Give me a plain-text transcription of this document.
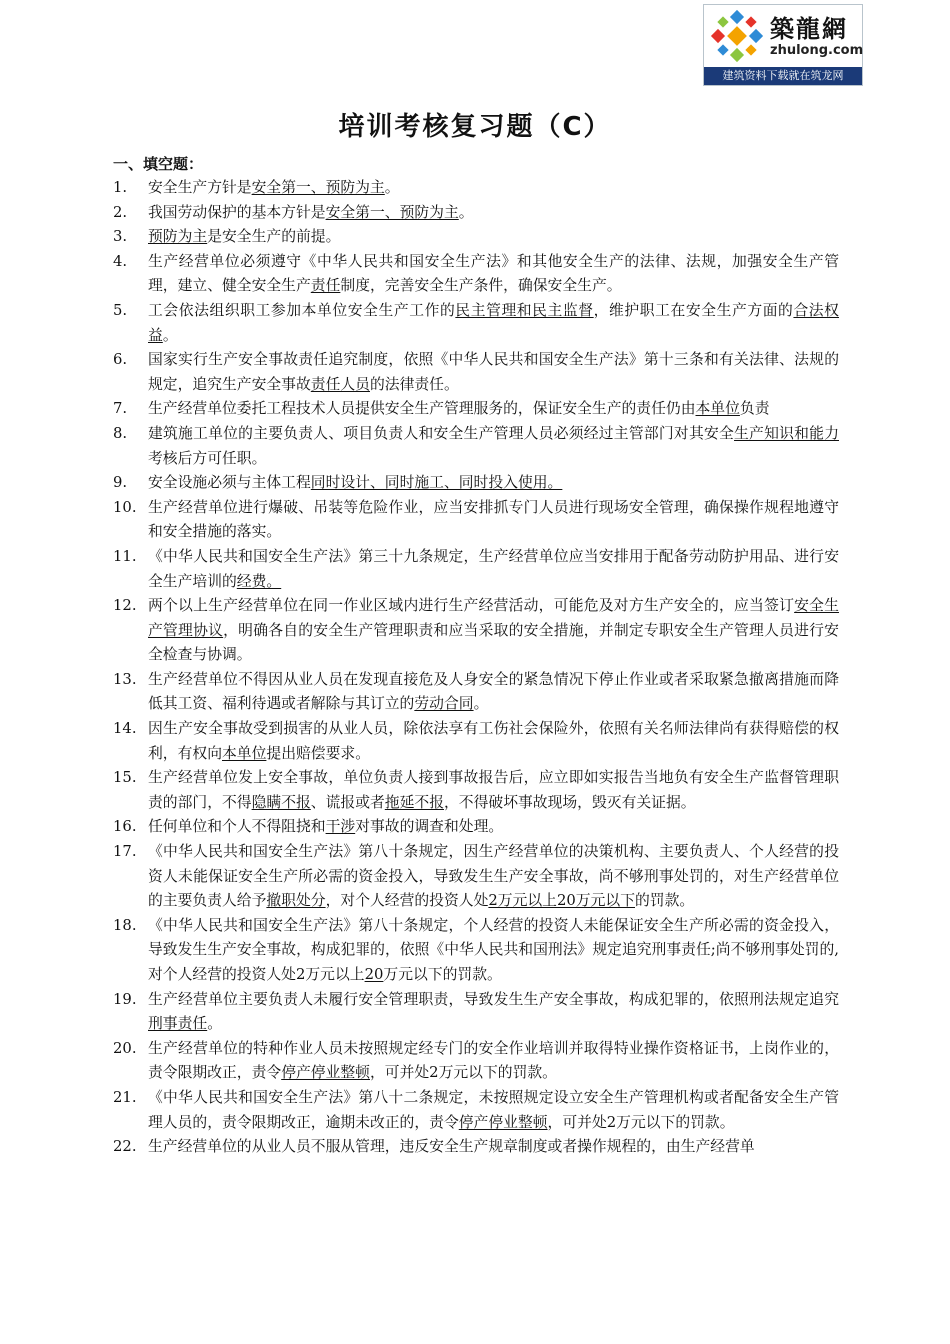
築龍網
zhulong.com
建筑资料下载就在筑龙网
培训考核复习题（C）
一、填空题：
1.	安全生产方针是安全第一、预防为主。
2.	我国劳动保护的基本方针是安全第一、预防为主。
3.	预防为主是安全生产的前提。
4.	生产经营单位必须遵守《中华人民共和国安全生产法》和其他安全生产的法律、法规，加强安全生产管理，建立、健全安全生产责任制度，完善安全生产条件，确保安全生产。
5.	工会依法组织职工参加本单位安全生产工作的民主管理和民主监督，维护职工在安全生产方面的合法权益。
6.	国家实行生产安全事故责任追究制度，依照《中华人民共和国安全生产法》第十三条和有关法律、法规的规定，追究生产安全事故责任人员的法律责任。
7.	生产经营单位委托工程技术人员提供安全生产管理服务的，保证安全生产的责任仍由本单位负责
8.	建筑施工单位的主要负责人、项目负责人和安全生产管理人员必须经过主管部门对其安全生产知识和能力考核后方可任职。
9.	安全设施必须与主体工程同时设计、同时施工、同时投入使用。
10. 生产经营单位进行爆破、吊装等危险作业，应当安排抓专门人员进行现场安全管理，确保操作规程地遵守和安全措施的落实。
11. 《中华人民共和国安全生产法》第三十九条规定，生产经营单位应当安排用于配备劳动防护用品、进行安全生产培训的经费。
12. 两个以上生产经营单位在同一作业区域内进行生产经营活动，可能危及对方生产安全的，应当签订安全生产管理协议，明确各自的安全生产管理职责和应当采取的安全措施，并制定专职安全生产管理人员进行安全检查与协调。
13. 生产经营单位不得因从业人员在发现直接危及人身安全的紧急情况下停止作业或者采取紧急撤离措施而降低其工资、福利待遇或者解除与其订立的劳动合同。
14. 因生产安全事故受到损害的从业人员，除依法享有工伤社会保险外，依照有关名师法律尚有获得赔偿的权利，有权向本单位提出赔偿要求。
15. 生产经营单位发上安全事故，单位负责人接到事故报告后，应立即如实报告当地负有安全生产监督管理职责的部门，不得隐瞒不报、谎报或者拖延不报，不得破坏事故现场，毁灭有关证据。
16. 任何单位和个人不得阻挠和干涉对事故的调查和处理。
17. 《中华人民共和国安全生产法》第八十条规定，因生产经营单位的决策机构、主要负责人、个人经营的投资人未能保证安全生产所必需的资金投入，导致发生生产安全事故，尚不够刑事处罚的，对生产经营单位的主要负责人给予撤职处分，对个人经营的投资人处2万元以上20万元以下的罚款。
18. 《中华人民共和国安全生产法》第八十条规定，个人经营的投资人未能保证安全生产所必需的资金投入，导致发生生产安全事故，构成犯罪的，依照《中华人民共和国刑法》规定追究刑事责任;尚不够刑事处罚的,对个人经营的投资人处2万元以上20万元以下的罚款。
19. 生产经营单位主要负责人未履行安全管理职责，导致发生生产安全事故，构成犯罪的，依照刑法规定追究刑事责任。
20. 生产经营单位的特种作业人员未按照规定经专门的安全作业培训并取得特业操作资格证书，上岗作业的，责令限期改正，责令停产停业整顿，可并处2万元以下的罚款。
21. 《中华人民共和国安全生产法》第八十二条规定，未按照规定设立安全生产管理机构或者配备安全生产管理人员的，责令限期改正，逾期未改正的，责令停产停业整顿，可并处2万元以下的罚款。
22. 生产经营单位的从业人员不服从管理，违反安全生产规章制度或者操作规程的，由生产经营单
